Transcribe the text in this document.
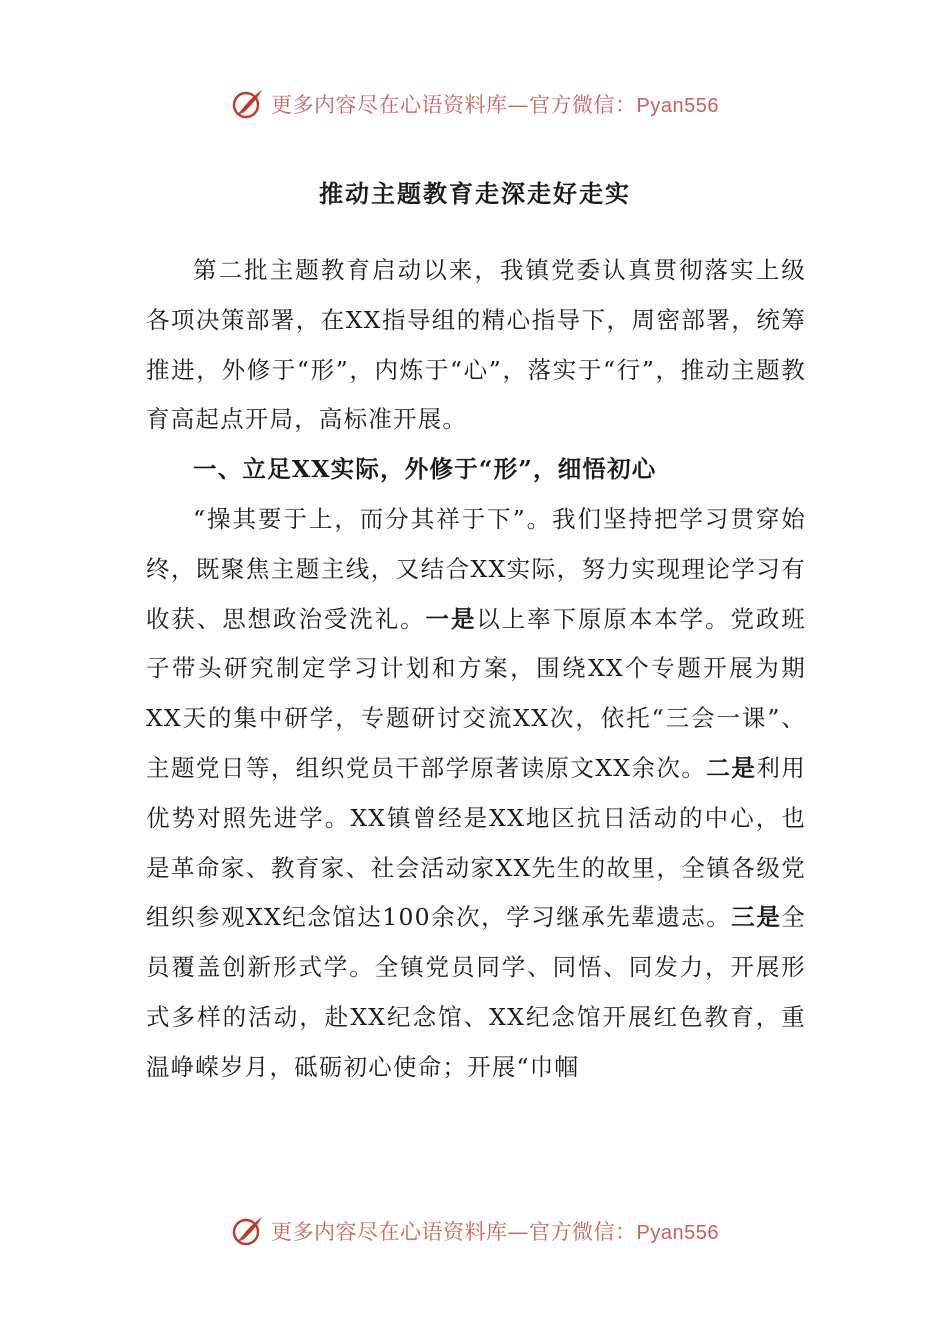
更多内容尽在心语资料库—官方微信：Pyan556
推动主题教育走深走好走实

第二批主题教育启动以来，我镇党委认真贯彻落实上级各项决策部署，在XX指导组的精心指导下，周密部署，统筹推进，外修于“形”，内炼于“心”，落实于“行”，推动主题教育高起点开局，高标准开展。

一、立足XX实际，外修于“形”，细悟初心

“操其要于上，而分其祥于下”。我们坚持把学习贯穿始终，既聚焦主题主线，又结合XX实际，努力实现理论学习有收获、思想政治受洗礼。一是以上率下原原本本学。党政班子带头研究制定学习计划和方案，围绕XX个专题开展为期XX天的集中研学，专题研讨交流XX次，依托“三会一课”、主题党日等，组织党员干部学原著读原文XX余次。二是利用优势对照先进学。XX镇曾经是XX地区抗日活动的中心，也是革命家、教育家、社会活动家XX先生的故里，全镇各级党组织参观XX纪念馆达100余次，学习继承先辈遗志。三是全员覆盖创新形式学。全镇党员同学、同悟、同发力，开展形式多样的活动，赴XX纪念馆、XX纪念馆开展红色教育，重温峥嵘岁月，砥砺初心使命；开展“巾帼

更多内容尽在心语资料库—官方微信：Pyan556
